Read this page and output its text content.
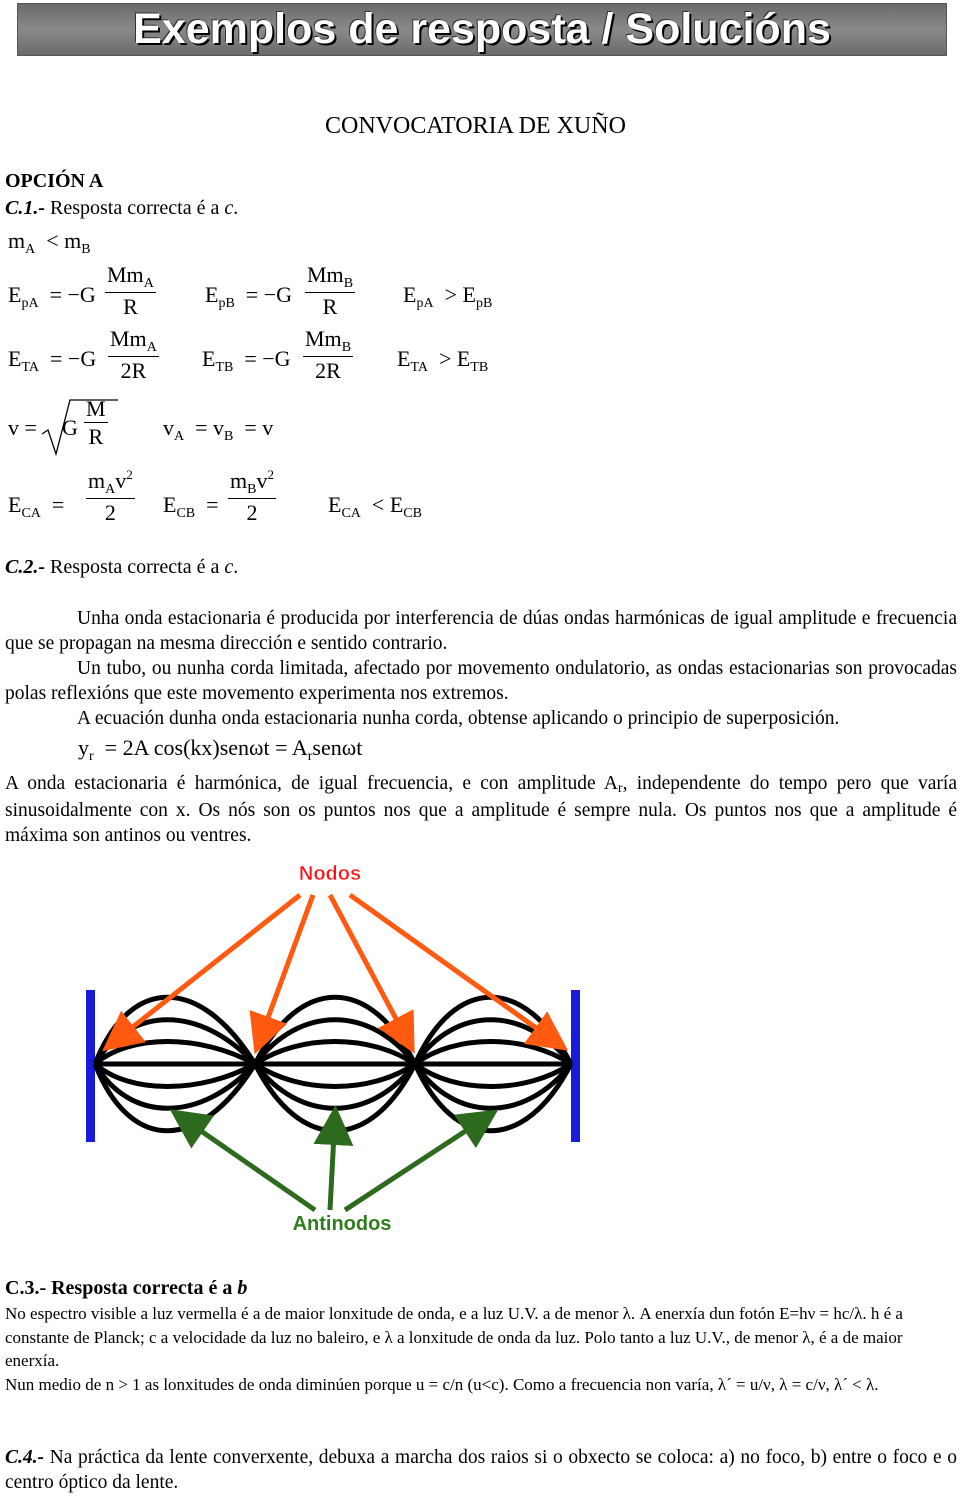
Exemplos de resposta / Solucións
CONVOCATORIA DE XUÑO
OPCIÓN A
C.1.- Resposta correcta é a c.
$m_A < m_B$
$E_{pA} = -G$
$Mm_A$
R	$E_{pB} = -G$
$Mm_B$
R	$E_{pA} > E_{pB}$
$E_{TA} = -G$
$Mm_A$
2R	$E_{TB} = -G$
$Mm_B$
2R	$E_{TA} > E_{TB}$
v = G $\frac{M}{R}$	$v_A = v_B = v$
$E_{CA}$  =
$m_Av^2$
2	$E_{CB}$  =
$m_Bv^2$
2	$E_{CA} < E_{CB}$
C.2.- Resposta correcta é a c.

Unha onda estacionaria é producida por interferencia de dúas ondas harmónicas de igual amplitude e frecuencia que se propagan na mesma dirección e sentido contrario.

Un tubo, ou nunha corda limitada, afectado por movemento ondulatorio, as ondas estacionarias son provocadas polas reflexións que este movemento experimenta nos extremos.

A ecuación dunha onda estacionaria nunha corda, obtense aplicando o principio de superposición.

$y_r = 2A$ $\cos(kx)sen\omega t = A_rsen\omega t$

A onda estacionaria é harmónica, de igual frecuencia, e con amplitude Ar, independente do tempo pero que varía sinusoidalmente con x. Os nós son os puntos nos que a amplitude é sempre nula. Os puntos nos que a amplitude é máxima son antinos ou ventres.

Nodos
Antinodos
C.3.- Resposta correcta é a b

No espectro visible a luz vermella é a de maior lonxitude de onda, e a luz U.V. a de menor λ. A enerxía dun fotón E=hν = hc/λ. h é a constante de Planck; c a velocidade da luz no baleiro, e λ a lonxitude de onda da luz. Polo tanto a luz U.V., de menor λ, é a de maior enerxía.

Nun medio de n > 1 as lonxitudes de onda diminúen porque u = c/n (u<c). Como a frecuencia non varía, λ´ = u/ν, λ = c/ν, λ´ < λ.

C.4.- Na práctica da lente converxente, debuxa a marcha dos raios si o obxecto se coloca: a) no foco, b) entre o foco e o centro óptico da lente.
